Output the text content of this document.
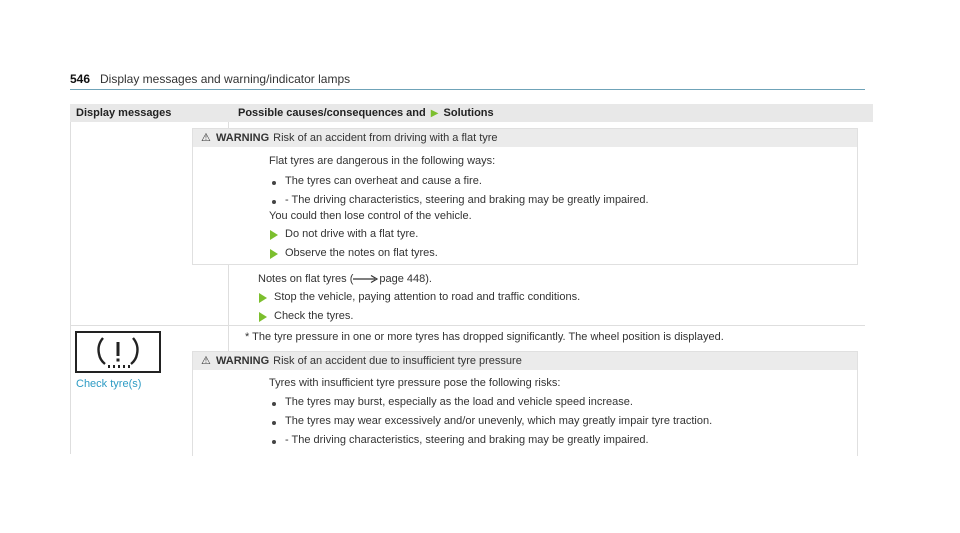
546 Display messages and warning/indicator lamps
Display messages	Possible causes/consequences and ▶ Solutions
⚠ WARNING Risk of an accident from driving with a flat tyre
Flat tyres are dangerous in the following ways:
The tyres can overheat and cause a fire.
- The driving characteristics, steering and braking may be greatly impaired.
You could then lose control of the vehicle.
Do not drive with a flat tyre.
Observe the notes on flat tyres.
Notes on flat tyres ( page 448).
Stop the vehicle, paying attention to road and traffic conditions.
Check the tyres.
Check tyre(s)
* The tyre pressure in one or more tyres has dropped significantly. The wheel position is displayed.
⚠ WARNING Risk of an accident due to insufficient tyre pressure
Tyres with insufficient tyre pressure pose the following risks:
The tyres may burst, especially as the load and vehicle speed increase.
The tyres may wear excessively and/or unevenly, which may greatly impair tyre traction.
- The driving characteristics, steering and braking may be greatly impaired.
